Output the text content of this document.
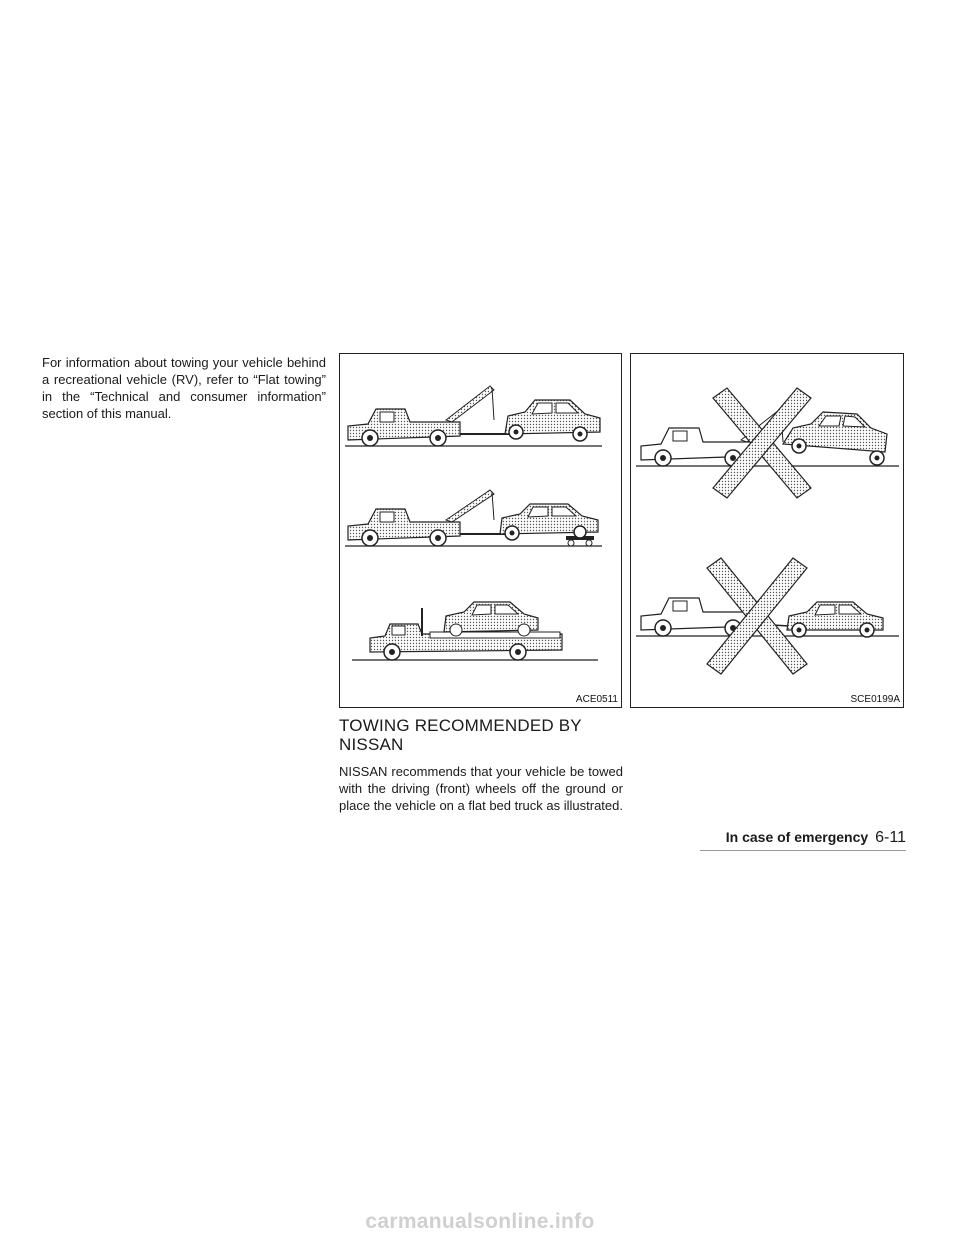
For information about towing your vehicle behind a recreational vehicle (RV), refer to “Flat towing” in the “Technical and consumer information” section of this manual.

ACE0511	SCE0199A
TOWING RECOMMENDED BY NISSAN

NISSAN recommends that your vehicle be towed with the driving (front) wheels off the ground or place the vehicle on a flat bed truck as illustrated.

In case of emergency 6-11
carmanualsonline.info
